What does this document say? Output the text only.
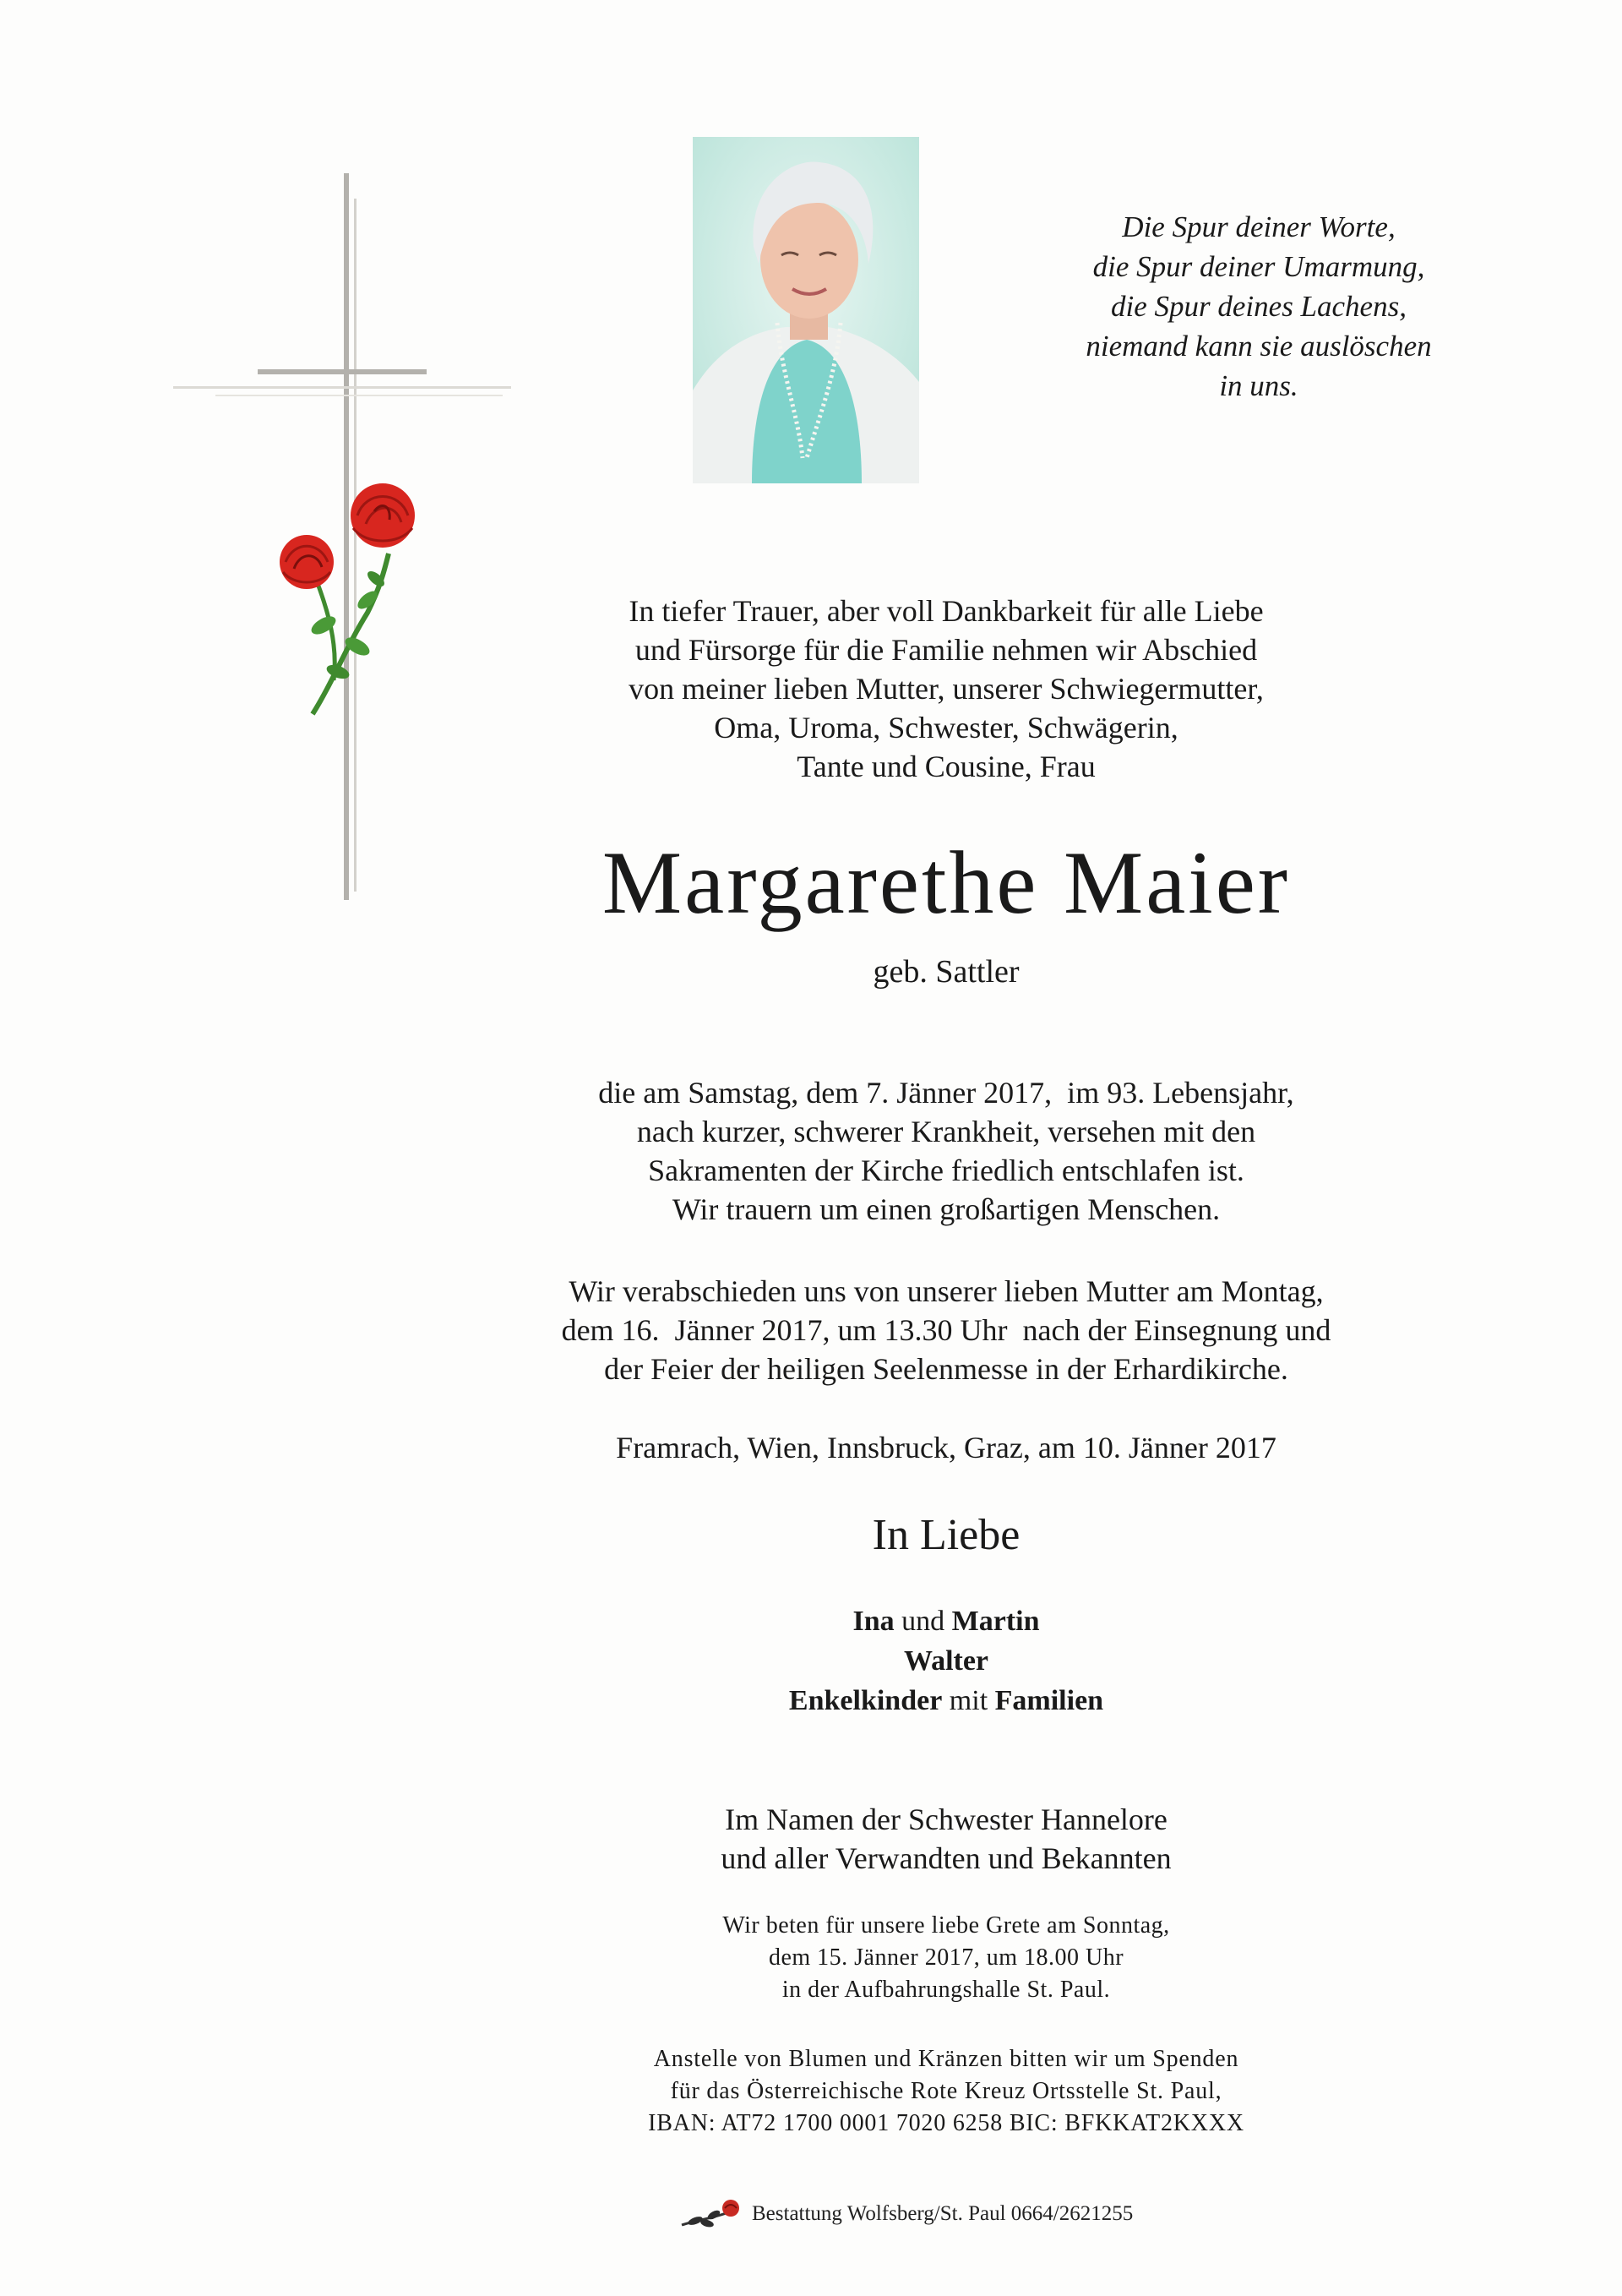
Die Spur deiner Worte,
die Spur deiner Umarmung,
die Spur deines Lachens,
niemand kann sie auslöschen
in uns.
In tiefer Trauer, aber voll Dankbarkeit für alle Liebe
und Fürsorge für die Familie nehmen wir Abschied
von meiner lieben Mutter, unserer Schwiegermutter,
Oma, Uroma, Schwester, Schwägerin,
Tante und Cousine, Frau
Margarethe Maier
geb. Sattler
die am Samstag, dem 7. Jänner 2017,  im 93. Lebensjahr,
nach kurzer, schwerer Krankheit, versehen mit den
Sakramenten der Kirche friedlich entschlafen ist.
Wir trauern um einen großartigen Menschen.
Wir verabschieden uns von unserer lieben Mutter am Montag,
dem 16.  Jänner 2017, um 13.30 Uhr  nach der Einsegnung und
der Feier der heiligen Seelenmesse in der Erhardikirche.
Framrach, Wien, Innsbruck, Graz, am 10. Jänner 2017
In Liebe
Ina und Martin
Walter
Enkelkinder mit Familien
Im Namen der Schwester Hannelore
und aller Verwandten und Bekannten
Wir beten für unsere liebe Grete am Sonntag,
dem 15. Jänner 2017, um 18.00 Uhr
in der Aufbahrungshalle St. Paul.
Anstelle von Blumen und Kränzen bitten wir um Spenden
für das Österreichische Rote Kreuz Ortsstelle St. Paul,
IBAN: AT72 1700 0001 7020 6258 BIC: BFKKAT2KXXX
Bestattung Wolfsberg/St. Paul 0664/2621255
